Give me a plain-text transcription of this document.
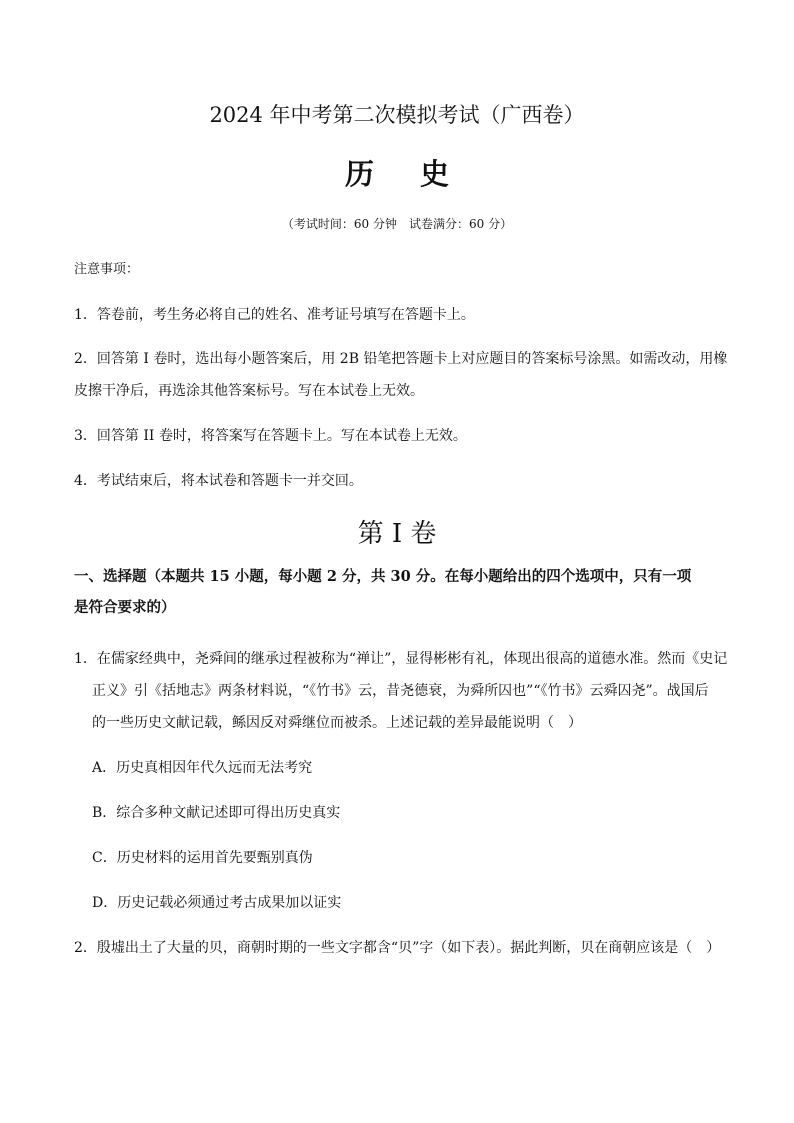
2024 年中考第二次模拟考试（广西卷）
历 史
（考试时间：60 分钟　试卷满分：60 分）
注意事项：
1．答卷前，考生务必将自己的姓名、准考证号填写在答题卡上。
2．回答第 I 卷时，选出每小题答案后，用 2B 铅笔把答题卡上对应题目的答案标号涂黑。如需改动，用橡
皮擦干净后，再选涂其他答案标号。写在本试卷上无效。
3．回答第 II 卷时，将答案写在答题卡上。写在本试卷上无效。
4．考试结束后，将本试卷和答题卡一并交回。
第 I 卷
一、选择题（本题共 15 小题，每小题 2 分，共 30 分。在每小题给出的四个选项中，只有一项
是符合要求的）
1．在儒家经典中，尧舜间的继承过程被称为“禅让”，显得彬彬有礼，体现出很高的道德水准。然而《史记
正义》引《括地志》两条材料说，“《竹书》云，昔尧德衰，为舜所囚也”“《竹书》云舜囚尧”。战国后
的一些历史文献记载，鲧因反对舜继位而被杀。上述记载的差异最能说明（　）
A．历史真相因年代久远而无法考究
B．综合多种文献记述即可得出历史真实
C．历史材料的运用首先要甄别真伪
D．历史记载必须通过考古成果加以证实
2．殷墟出土了大量的贝，商朝时期的一些文字都含“贝”字（如下表）。据此判断，贝在商朝应该是（　）
